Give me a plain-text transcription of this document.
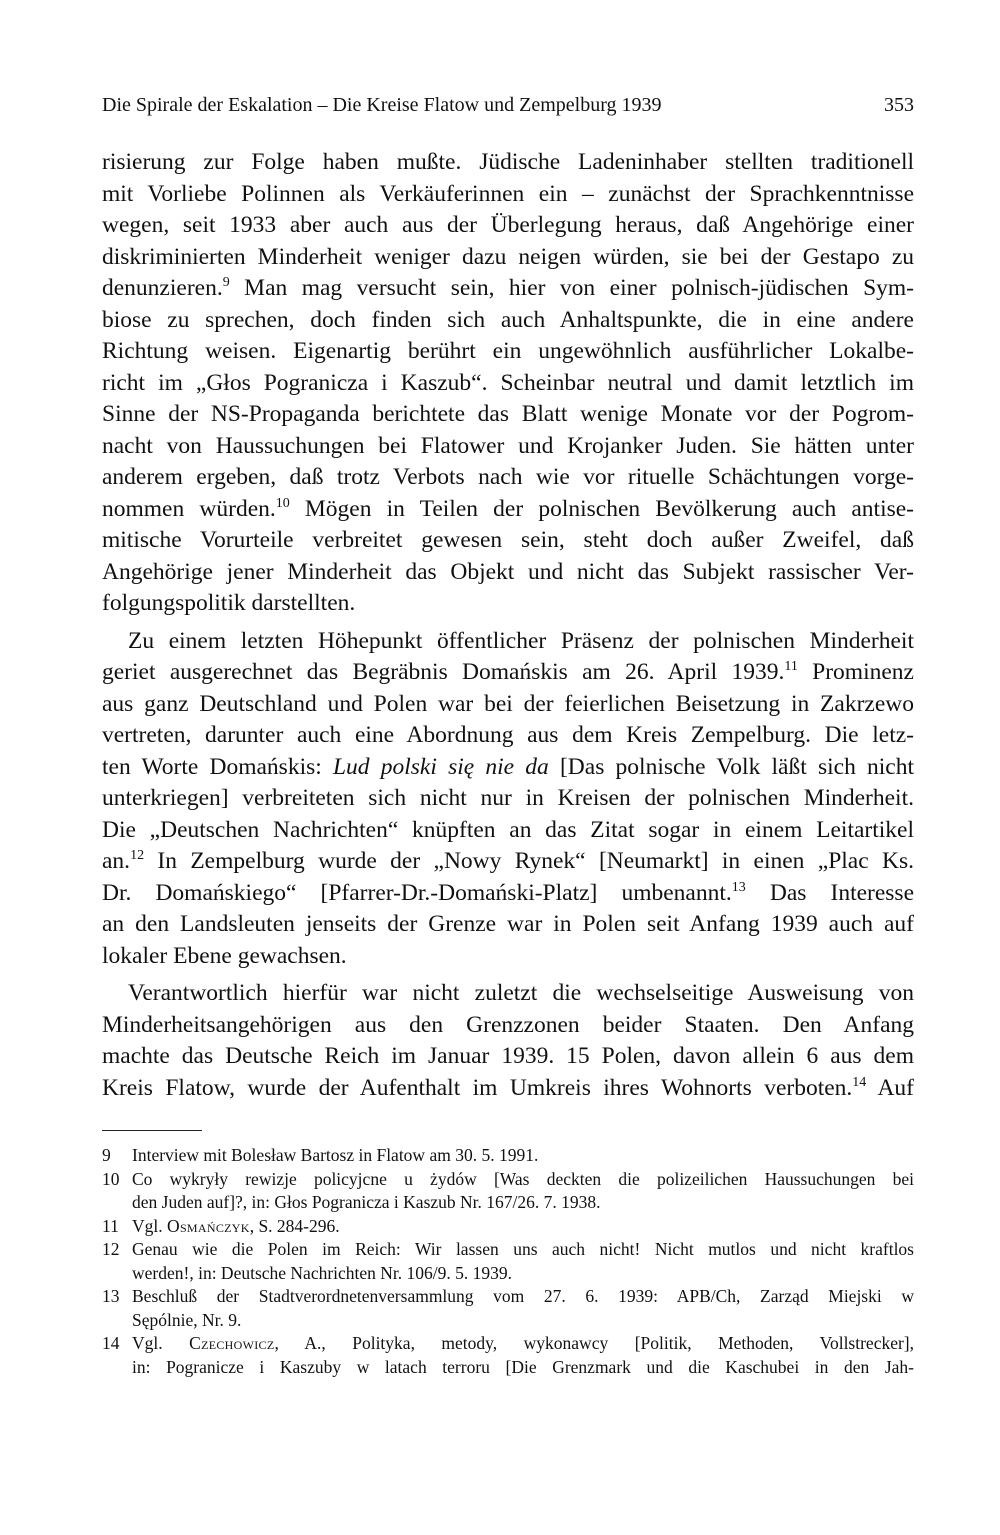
Die Spirale der Eskalation – Die Kreise Flatow und Zempelburg 1939	353
risierung zur Folge haben mußte. Jüdische Ladeninhaber stellten traditionell
mit Vorliebe Polinnen als Verkäuferinnen ein – zunächst der Sprachkenntnisse
wegen, seit 1933 aber auch aus der Überlegung heraus, daß Angehörige einer
diskriminierten Minderheit weniger dazu neigen würden, sie bei der Gestapo zu
denunzieren.$^9$ Man mag versucht sein, hier von einer polnisch-jüdischen Sym-
biose zu sprechen, doch finden sich auch Anhaltspunkte, die in eine andere
Richtung weisen. Eigenartig berührt ein ungewöhnlich ausführlicher Lokalbe-
richt im „Głos Pogranicza i Kaszub“. Scheinbar neutral und damit letztlich im
Sinne der NS-Propaganda berichtete das Blatt wenige Monate vor der Pogrom-
nacht von Haussuchungen bei Flatower und Krojanker Juden. Sie hätten unter
anderem ergeben, daß trotz Verbots nach wie vor rituelle Schächtungen vorge-
nommen würden.$^{10}$ Mögen in Teilen der polnischen Bevölkerung auch antise-
mitische Vorurteile verbreitet gewesen sein, steht doch außer Zweifel, daß
Angehörige jener Minderheit das Objekt und nicht das Subjekt rassischer Ver-
folgungspolitik darstellten.
Zu einem letzten Höhepunkt öffentlicher Präsenz der polnischen Minderheit
geriet ausgerechnet das Begräbnis Domańskis am 26. April 1939.11 Prominenz
aus ganz Deutschland und Polen war bei der feierlichen Beisetzung in Zakrzewo
vertreten, darunter auch eine Abordnung aus dem Kreis Zempelburg. Die letz-
ten Worte Domańskis: Lud polski się nie da [Das polnische Volk läßt sich nicht
unterkriegen] verbreiteten sich nicht nur in Kreisen der polnischen Minderheit.
Die „Deutschen Nachrichten“ knüpften an das Zitat sogar in einem Leitartikel
an.$^{12}$ In Zempelburg wurde der „Nowy Rynek“ [Neumarkt] in einen „Plac Ks.
Dr. Domańskiego“ [Pfarrer-Dr.-Domański-Platz] umbenannt.$^{13}$ Das Interesse
an den Landsleuten jenseits der Grenze war in Polen seit Anfang 1939 auch auf
lokaler Ebene gewachsen.
Verantwortlich hierfür war nicht zuletzt die wechselseitige Ausweisung von
Minderheitsangehörigen aus den Grenzzonen beider Staaten. Den Anfang
machte das Deutsche Reich im Januar 1939. 15 Polen, davon allein 6 aus dem
Kreis Flatow, wurde der Aufenthalt im Umkreis ihres Wohnorts verboten.$^{14}$ Auf
9 Interview mit Bolesław Bartosz in Flatow am 30. 5. 1991.
10 Co wykryły rewizje policyjcne u żydów [Was deckten die polizeilichen Haussuchungen bei
den Juden auf]?, in: Głos Pogranicza i Kaszub Nr. 167/26. 7. 1938.
11 Vgl. Osmańczyk, S. 284-296.
12 Genau wie die Polen im Reich: Wir lassen uns auch nicht! Nicht mutlos und nicht kraftlos
werden!, in: Deutsche Nachrichten Nr. 106/9. 5. 1939.
13 Beschluß der Stadtverordnetenversammlung vom 27. 6. 1939: APB/Ch, Zarząd Miejski w
Sępólnie, Nr. 9.
14 Vgl. Czechowicz, A., Polityka, metody, wykonawcy [Politik, Methoden, Vollstrecker],
in: Pogranicze i Kaszuby w latach terroru [Die Grenzmark und die Kaschubei in den Jah-
